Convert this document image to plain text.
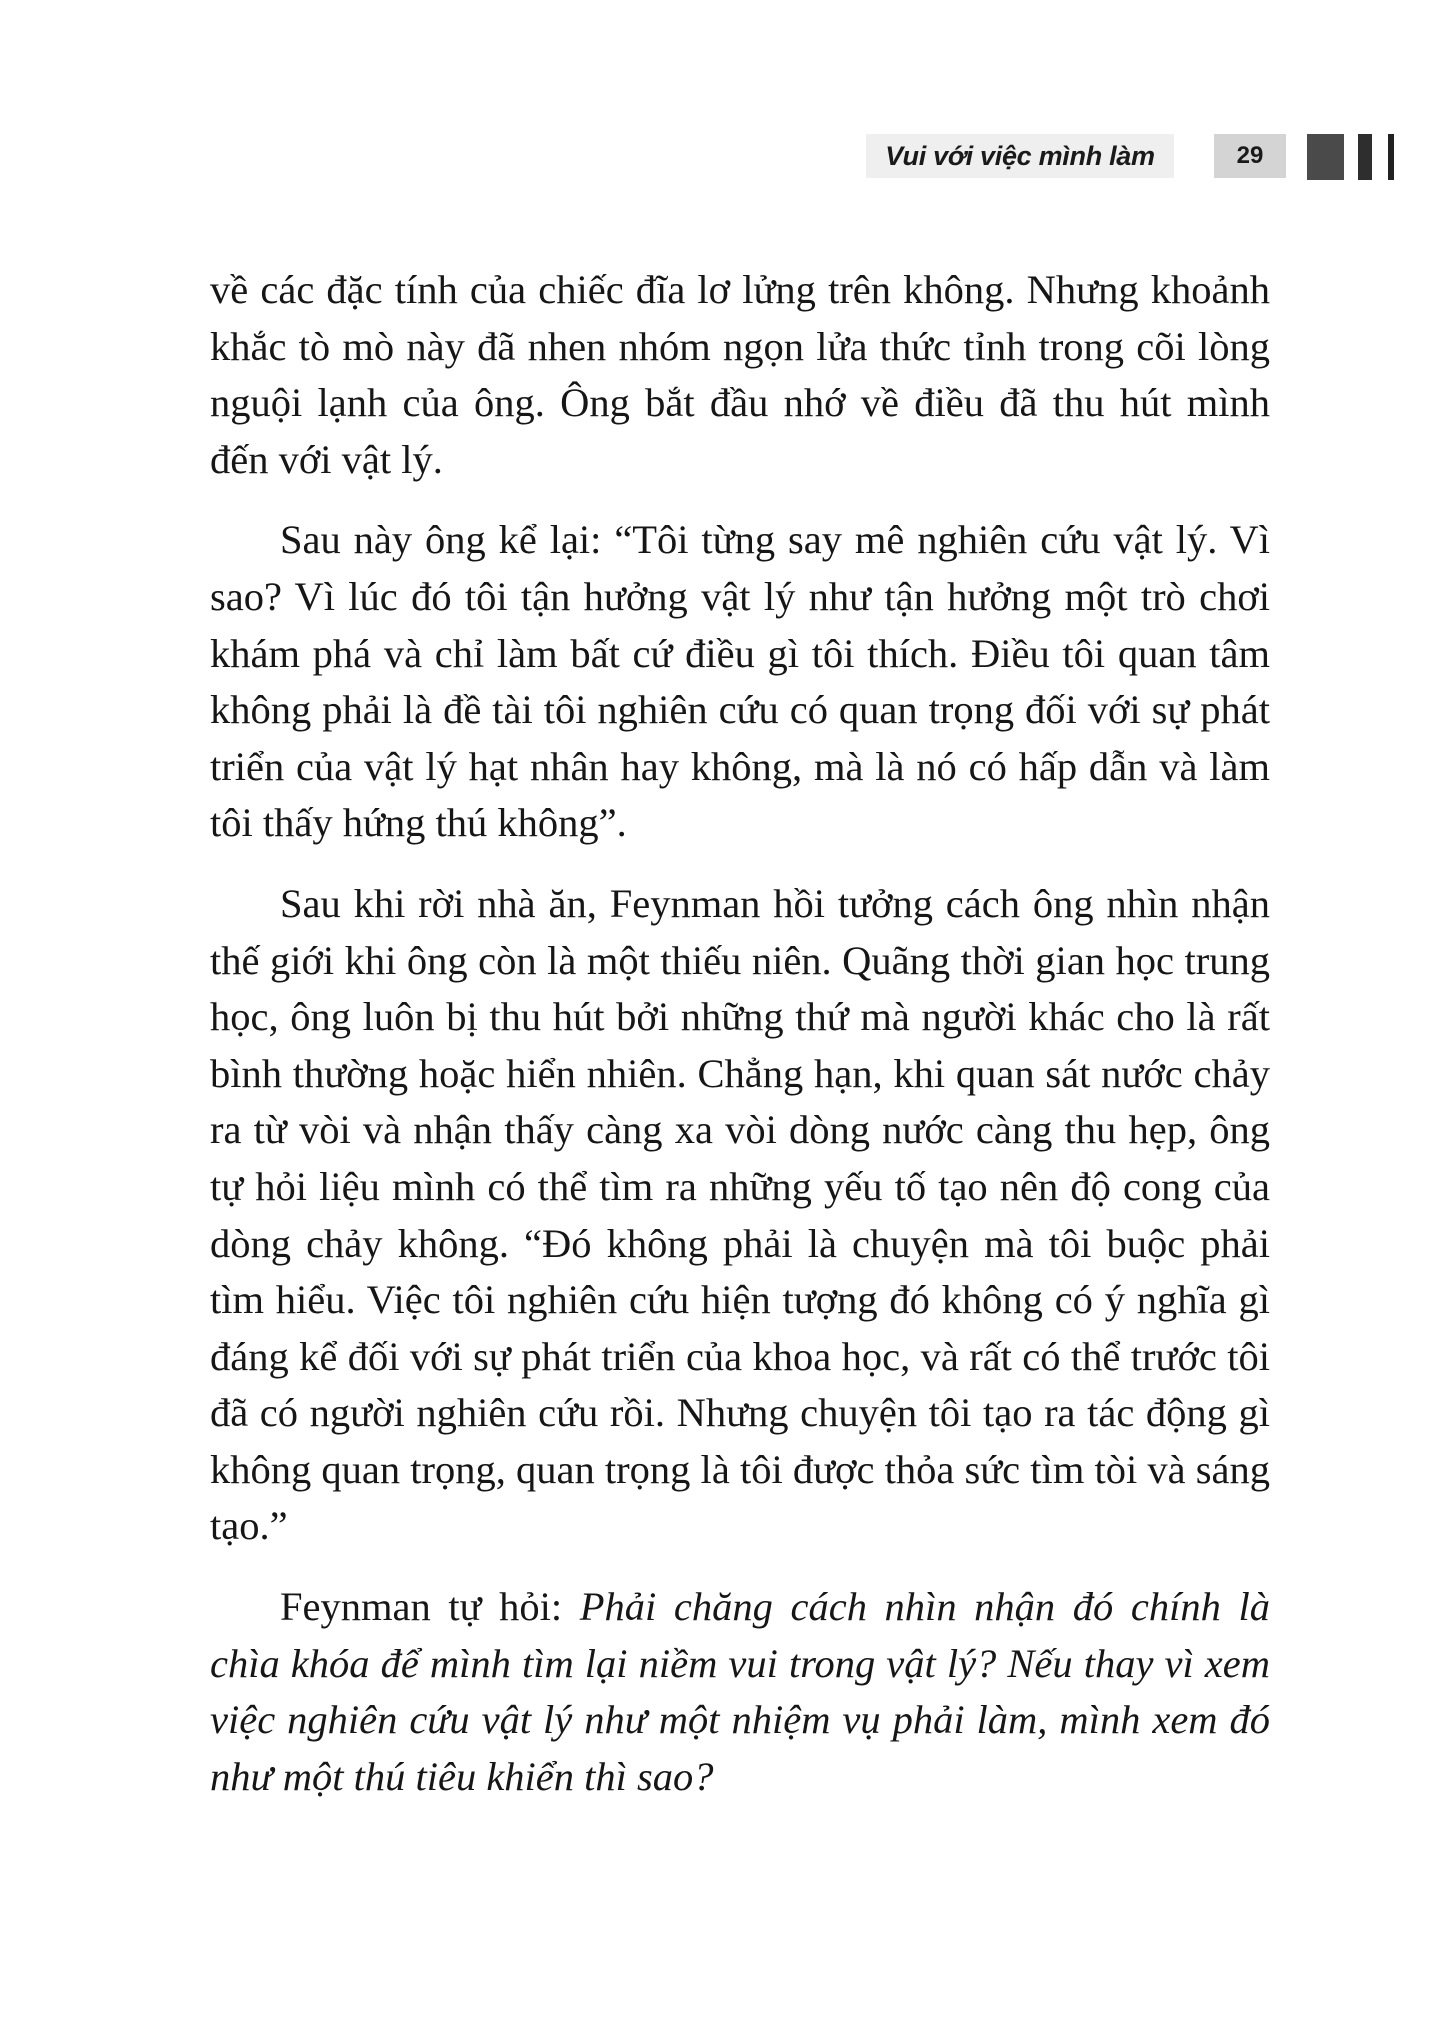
Vui với việc mình làm	29

về các đặc tính của chiếc đĩa lơ lửng trên không. Nhưng khoảnh khắc tò mò này đã nhen nhóm ngọn lửa thức tỉnh trong cõi lòng nguội lạnh của ông. Ông bắt đầu nhớ về điều đã thu hút mình đến với vật lý.

Sau này ông kể lại: “Tôi từng say mê nghiên cứu vật lý. Vì sao? Vì lúc đó tôi tận hưởng vật lý như tận hưởng một trò chơi khám phá và chỉ làm bất cứ điều gì tôi thích. Điều tôi quan tâm không phải là đề tài tôi nghiên cứu có quan trọng đối với sự phát triển của vật lý hạt nhân hay không, mà là nó có hấp dẫn và làm tôi thấy hứng thú không”.

Sau khi rời nhà ăn, Feynman hồi tưởng cách ông nhìn nhận thế giới khi ông còn là một thiếu niên. Quãng thời gian học trung học, ông luôn bị thu hút bởi những thứ mà người khác cho là rất bình thường hoặc hiển nhiên. Chẳng hạn, khi quan sát nước chảy ra từ vòi và nhận thấy càng xa vòi dòng nước càng thu hẹp, ông tự hỏi liệu mình có thể tìm ra những yếu tố tạo nên độ cong của dòng chảy không. “Đó không phải là chuyện mà tôi buộc phải tìm hiểu. Việc tôi nghiên cứu hiện tượng đó không có ý nghĩa gì đáng kể đối với sự phát triển của khoa học, và rất có thể trước tôi đã có người nghiên cứu rồi. Nhưng chuyện tôi tạo ra tác động gì không quan trọng, quan trọng là tôi được thỏa sức tìm tòi và sáng tạo.”

Feynman tự hỏi: Phải chăng cách nhìn nhận đó chính là chìa khóa để mình tìm lại niềm vui trong vật lý? Nếu thay vì xem việc nghiên cứu vật lý như một nhiệm vụ phải làm, mình xem đó như một thú tiêu khiển thì sao?
